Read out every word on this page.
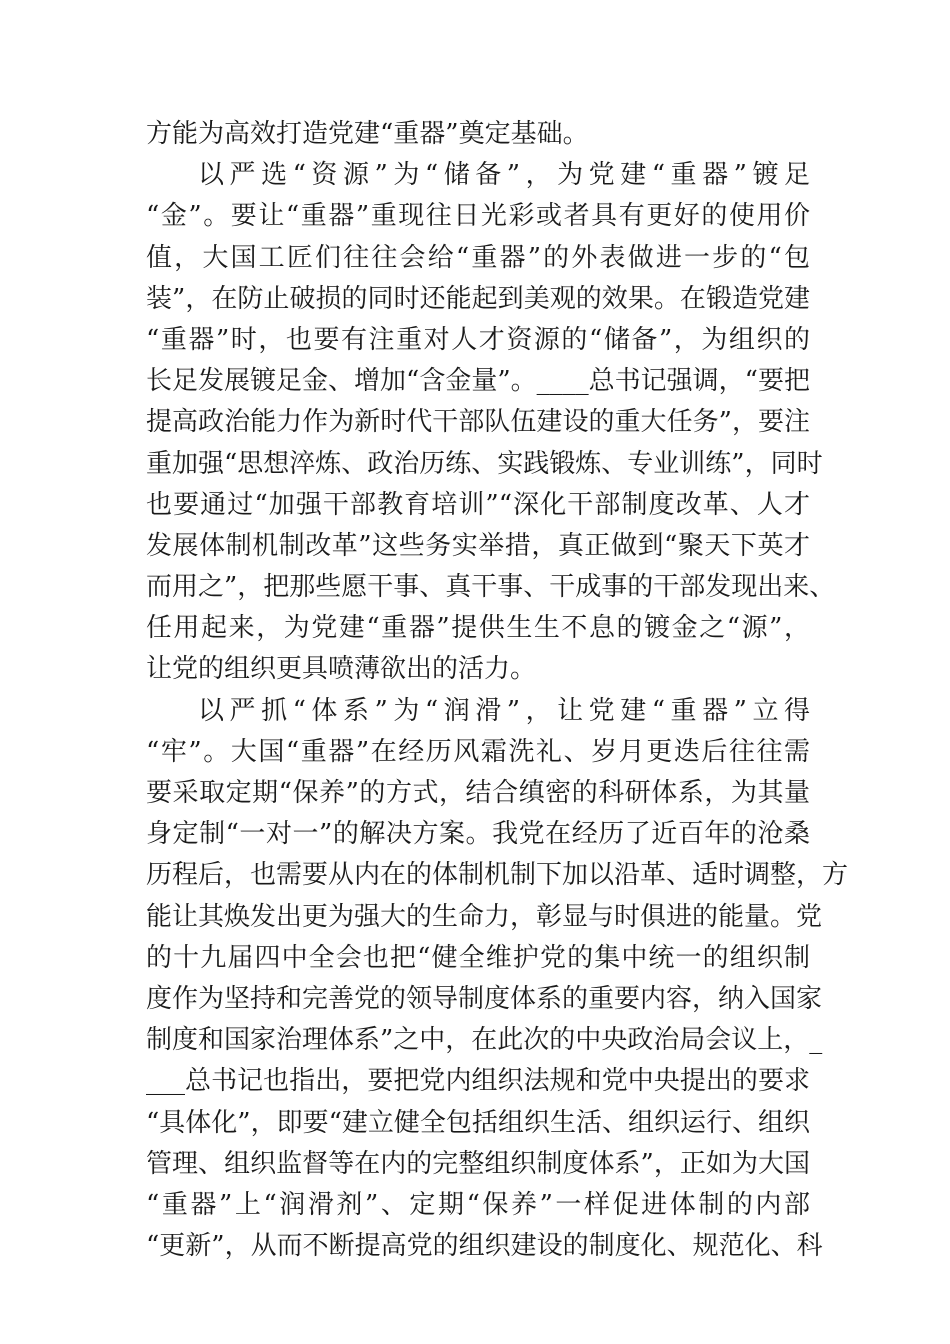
方能为高效打造党建“重器”奠定基础。
以严选“资源”为“储备”，为党建“重器”镀足
“金”。要让“重器”重现往日光彩或者具有更好的使用价
值，大国工匠们往往会给“重器”的外表做进一步的“包
装”，在防止破损的同时还能起到美观的效果。在锻造党建
“重器”时，也要有注重对人才资源的“储备”，为组织的
长足发展镀足金、增加“含金量”。____总书记强调，“要把
提高政治能力作为新时代干部队伍建设的重大任务”，要注
重加强“思想淬炼、政治历练、实践锻炼、专业训练”，同时
也要通过“加强干部教育培训”“深化干部制度改革、人才
发展体制机制改革”这些务实举措，真正做到“聚天下英才
而用之”，把那些愿干事、真干事、干成事的干部发现出来、
任用起来，为党建“重器”提供生生不息的镀金之“源”，
让党的组织更具喷薄欲出的活力。
以严抓“体系”为“润滑”，让党建“重器”立得
“牢”。大国“重器”在经历风霜洗礼、岁月更迭后往往需
要采取定期“保养”的方式，结合缜密的科研体系，为其量
身定制“一对一”的解决方案。我党在经历了近百年的沧桑
历程后，也需要从内在的体制机制下加以沿革、适时调整，方
能让其焕发出更为强大的生命力，彰显与时俱进的能量。党
的十九届四中全会也把“健全维护党的集中统一的组织制
度作为坚持和完善党的领导制度体系的重要内容，纳入国家
制度和国家治理体系”之中，在此次的中央政治局会议上，_
___总书记也指出，要把党内组织法规和党中央提出的要求
“具体化”，即要“建立健全包括组织生活、组织运行、组织
管理、组织监督等在内的完整组织制度体系”，正如为大国
“重器”上“润滑剂”、定期“保养”一样促进体制的内部
“更新”，从而不断提高党的组织建设的制度化、规范化、科
